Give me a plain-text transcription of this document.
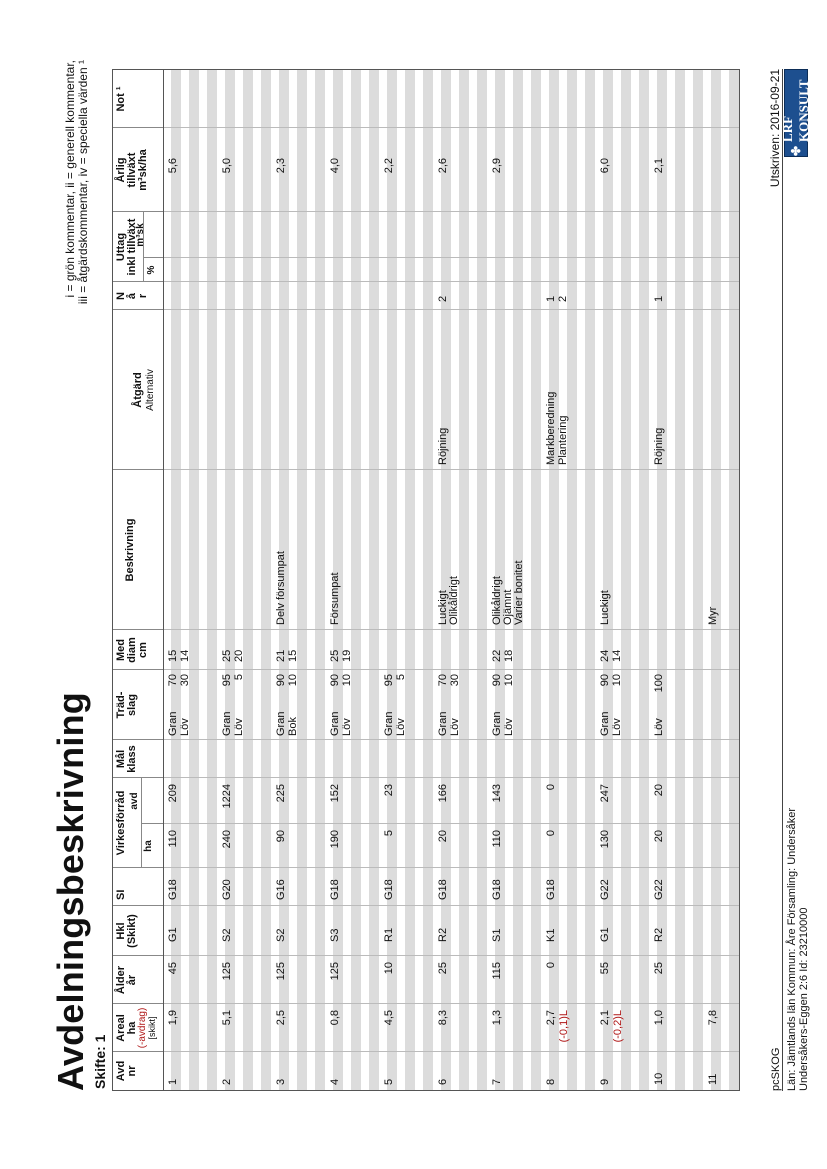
Avdelningsbeskrivning Skifte: 1
i = grön kommentar, ii = generell kommentar, iii = åtgärdskommentar, iv = speciella värden ¹
Avd
nr
Areal
ha (-avdrag) [skikt]
Ålder
år
Hkl
(Skikt)
SI
Virkesförråd	ha
avd
Mål
klass
Träd-
slag
Med
diam
cm
Beskrivning
Åtgärd Alternativ
N
å
r
Uttag
inkl tillväxt
%
m³sk
Årlig
tillväxt
m³sk/ha
Not ¹
1
1,9
45
G1
G18
110
209
Gran Löv
70 30
15 14
5,6
2
5,1
125
S2
G20
240
1224
Gran Löv
95 5
25 20
5,0
3
2,5
125
S2
G16
90
225
Gran Bok
90 10
21 15
Delv försumpat
2,3
4
0,8
125
S3
G18
190
152
Gran Löv
90 10
25 19
Försumpat
4,0
5
4,5
10
R1
G18
5
23
Gran Löv
95 5
2,2
6
8,3
25
R2
G18
20
166
Gran Löv
70 30
Luckigt Olikåldrigt
Röjning
2
2,6
7
1,3
115
S1
G18
110
143
Gran Löv
90 10
22 18
Olikåldrigt Ojämnt Varier bonitet
2,9
8
2,7 (-0,1)L
0
K1
G18
0
0
Markberedning Plantering
1 2
9
2,1 (-0,2)L
55
G1
G22
130
247
Gran Löv
90 10
24 14
Luckigt
6,0
10
1,0
25
R2
G22
20
20
Löv
100
Röjning
1
2,1
11
7,8
Myr
pcSKOG Län: Jämtlands län Kommun: Åre Församling: Undersåker Undersåkers-Eggen 2:6 Id: 23210000
Utskriven: 2016-09-21 ✤
LRF KONSULT
